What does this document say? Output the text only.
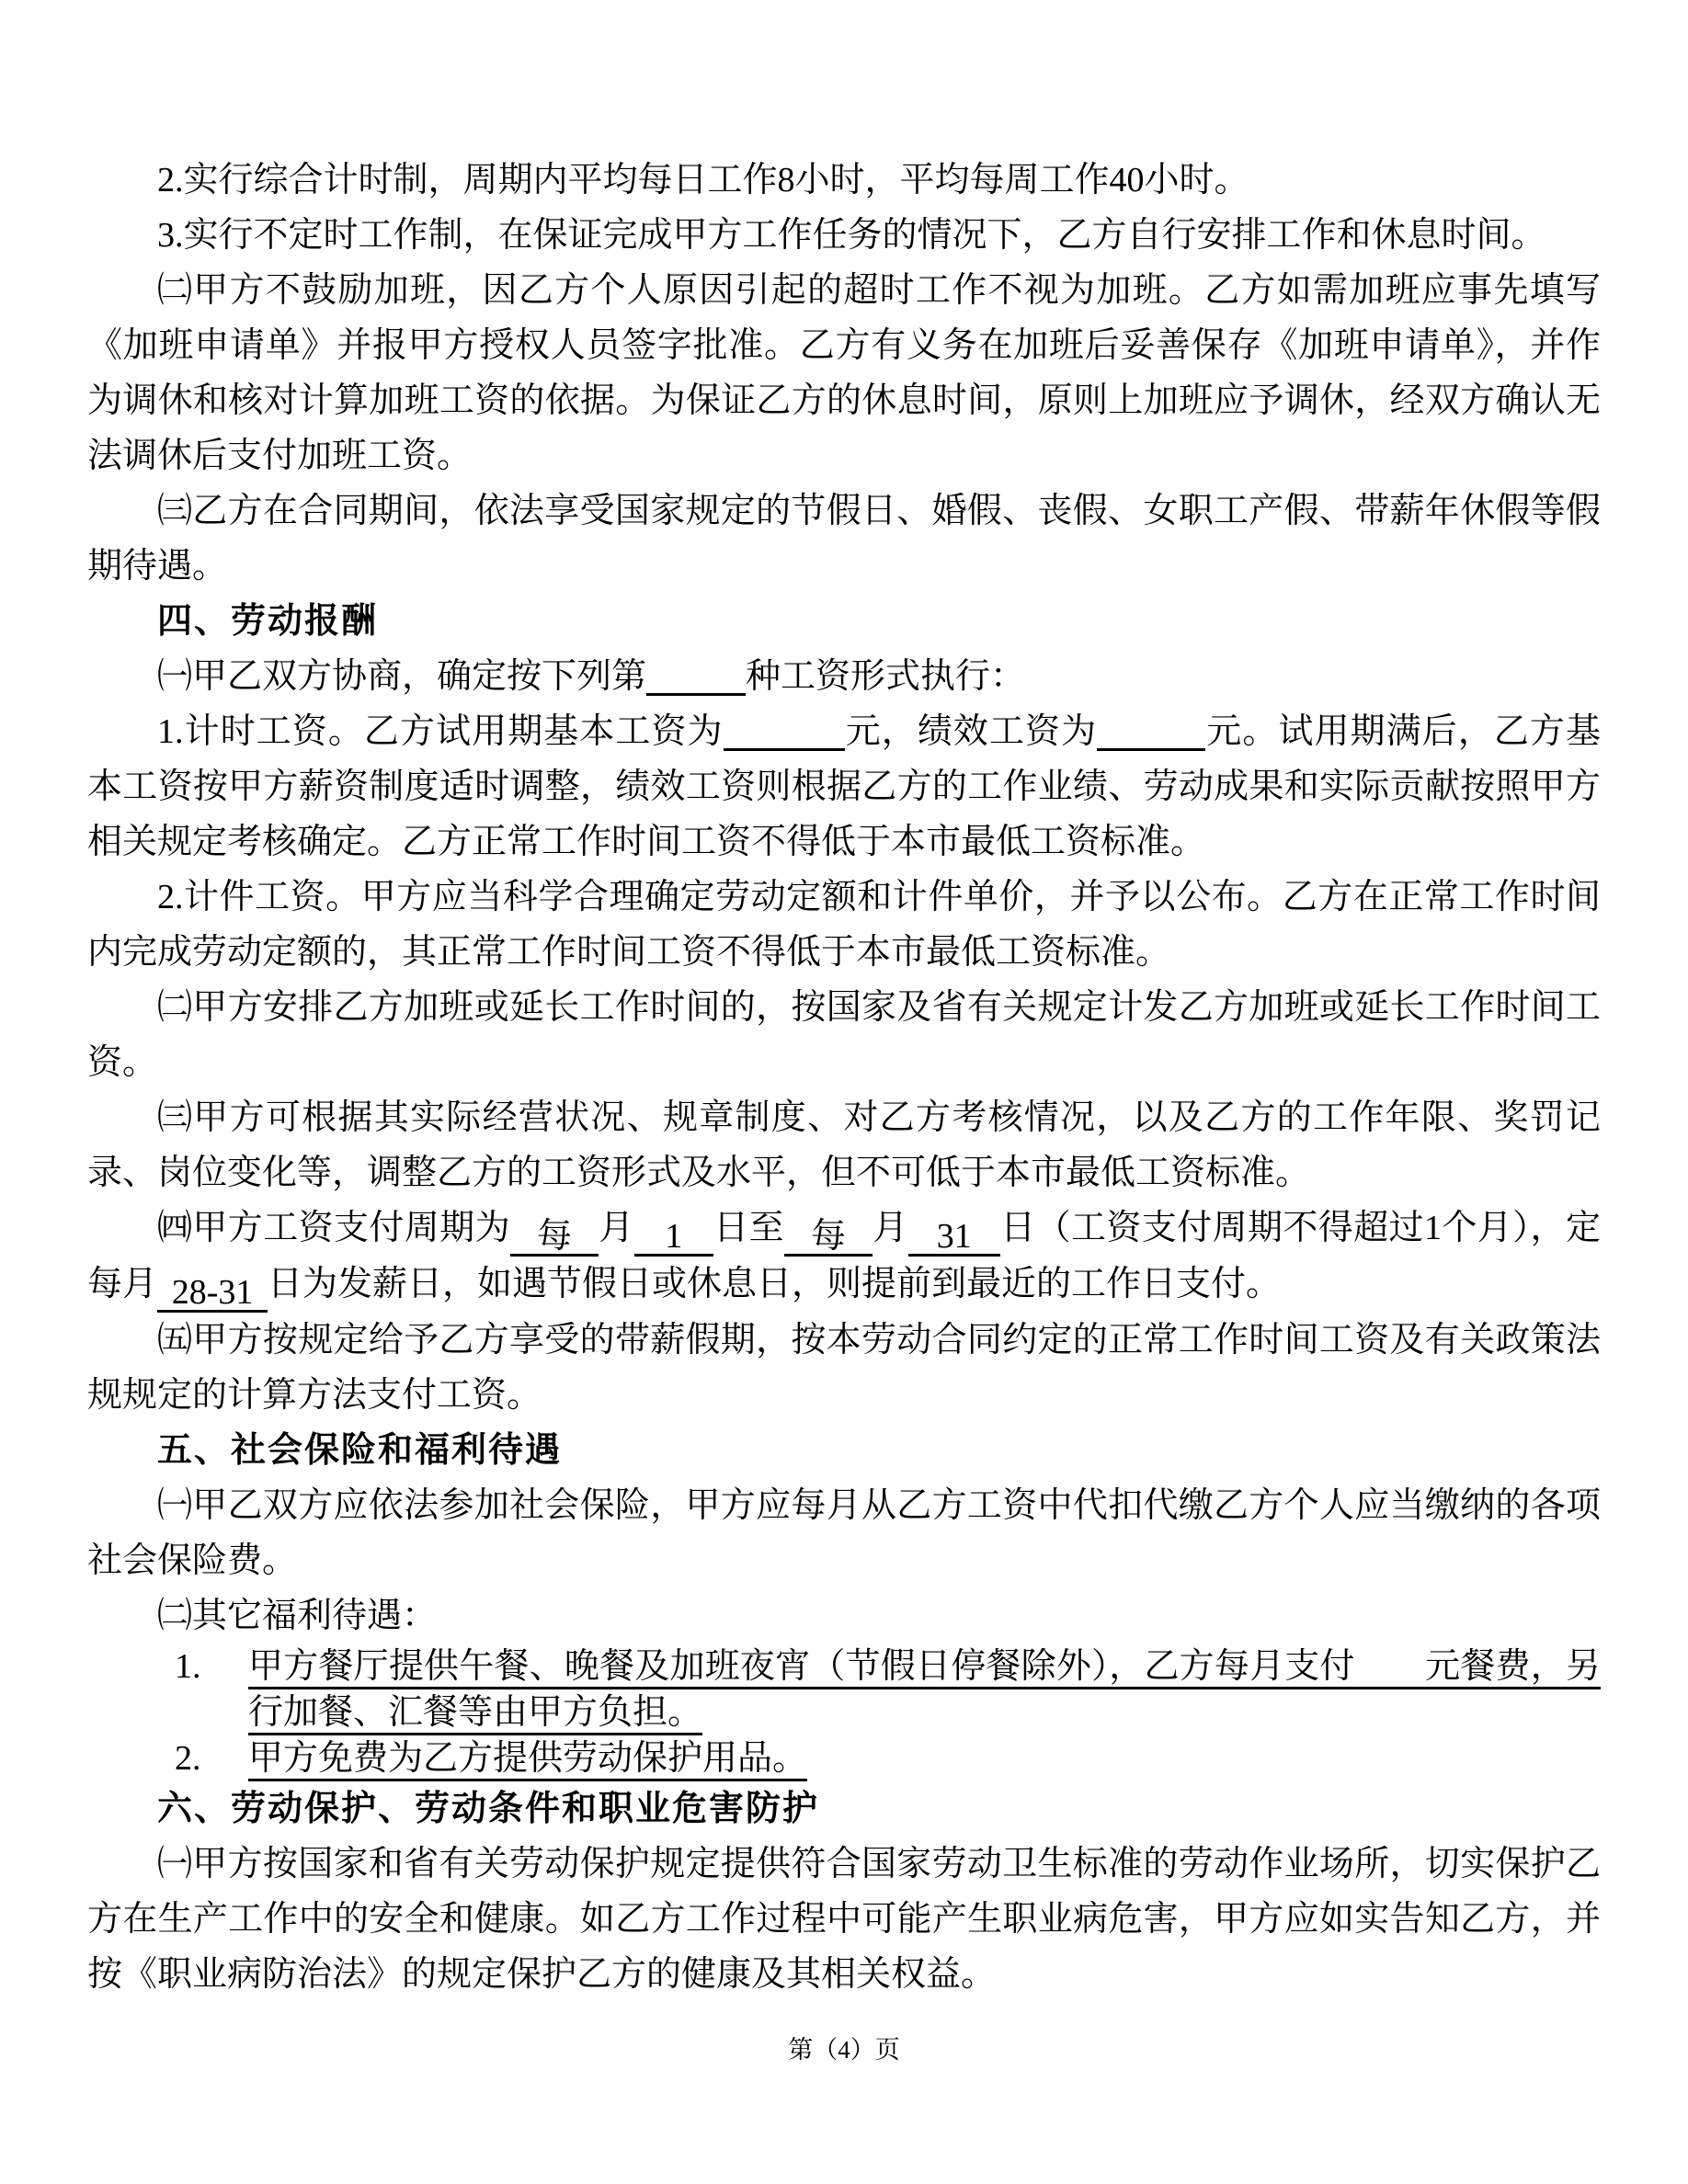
2.实行综合计时制，周期内平均每日工作8小时，平均每周工作40小时。
3.实行不定时工作制，在保证完成甲方工作任务的情况下，乙方自行安排工作和休息时间。
㈡甲方不鼓励加班，因乙方个人原因引起的超时工作不视为加班。乙方如需加班应事先填写《加班申请单》并报甲方授权人员签字批准。乙方有义务在加班后妥善保存《加班申请单》，并作为调休和核对计算加班工资的依据。为保证乙方的休息时间，原则上加班应予调休，经双方确认无法调休后支付加班工资。
㈢乙方在合同期间，依法享受国家规定的节假日、婚假、丧假、女职工产假、带薪年休假等假期待遇。
四、劳动报酬
㈠甲乙双方协商，确定按下列第	种工资形式执行：
1.计时工资。乙方试用期基本工资为	元，绩效工资为	元。试用期满后，乙方基本工资按甲方薪资制度适时调整，绩效工资则根据乙方的工作业绩、劳动成果和实际贡献按照甲方相关规定考核确定。乙方正常工作时间工资不得低于本市最低工资标准。
2.计件工资。甲方应当科学合理确定劳动定额和计件单价，并予以公布。乙方在正常工作时间内完成劳动定额的，其正常工作时间工资不得低于本市最低工资标准。
㈡甲方安排乙方加班或延长工作时间的，按国家及省有关规定计发乙方加班或延长工作时间工资。
㈢甲方可根据其实际经营状况、规章制度、对乙方考核情况，以及乙方的工作年限、奖罚记录、岗位变化等，调整乙方的工资形式及水平，但不可低于本市最低工资标准。
㈣甲方工资支付周期为 每 月 1 日至 每 月 31 日（工资支付周期不得超过1个月），定每月 28-31 日为发薪日，如遇节假日或休息日，则提前到最近的工作日支付。
㈤甲方按规定给予乙方享受的带薪假期，按本劳动合同约定的正常工作时间工资及有关政策法规规定的计算方法支付工资。
五、社会保险和福利待遇
㈠甲乙双方应依法参加社会保险，甲方应每月从乙方工资中代扣代缴乙方个人应当缴纳的各项社会保险费。
㈡其它福利待遇：
1. 甲方餐厅提供午餐、晚餐及加班夜宵（节假日停餐除外），乙方每月支付　　 元餐费，另行加餐、汇餐等由甲方负担。
2. 甲方免费为乙方提供劳动保护用品。
六、劳动保护、劳动条件和职业危害防护
㈠甲方按国家和省有关劳动保护规定提供符合国家劳动卫生标准的劳动作业场所，切实保护乙方在生产工作中的安全和健康。如乙方工作过程中可能产生职业病危害，甲方应如实告知乙方，并按《职业病防治法》的规定保护乙方的健康及其相关权益。
第（4）页
